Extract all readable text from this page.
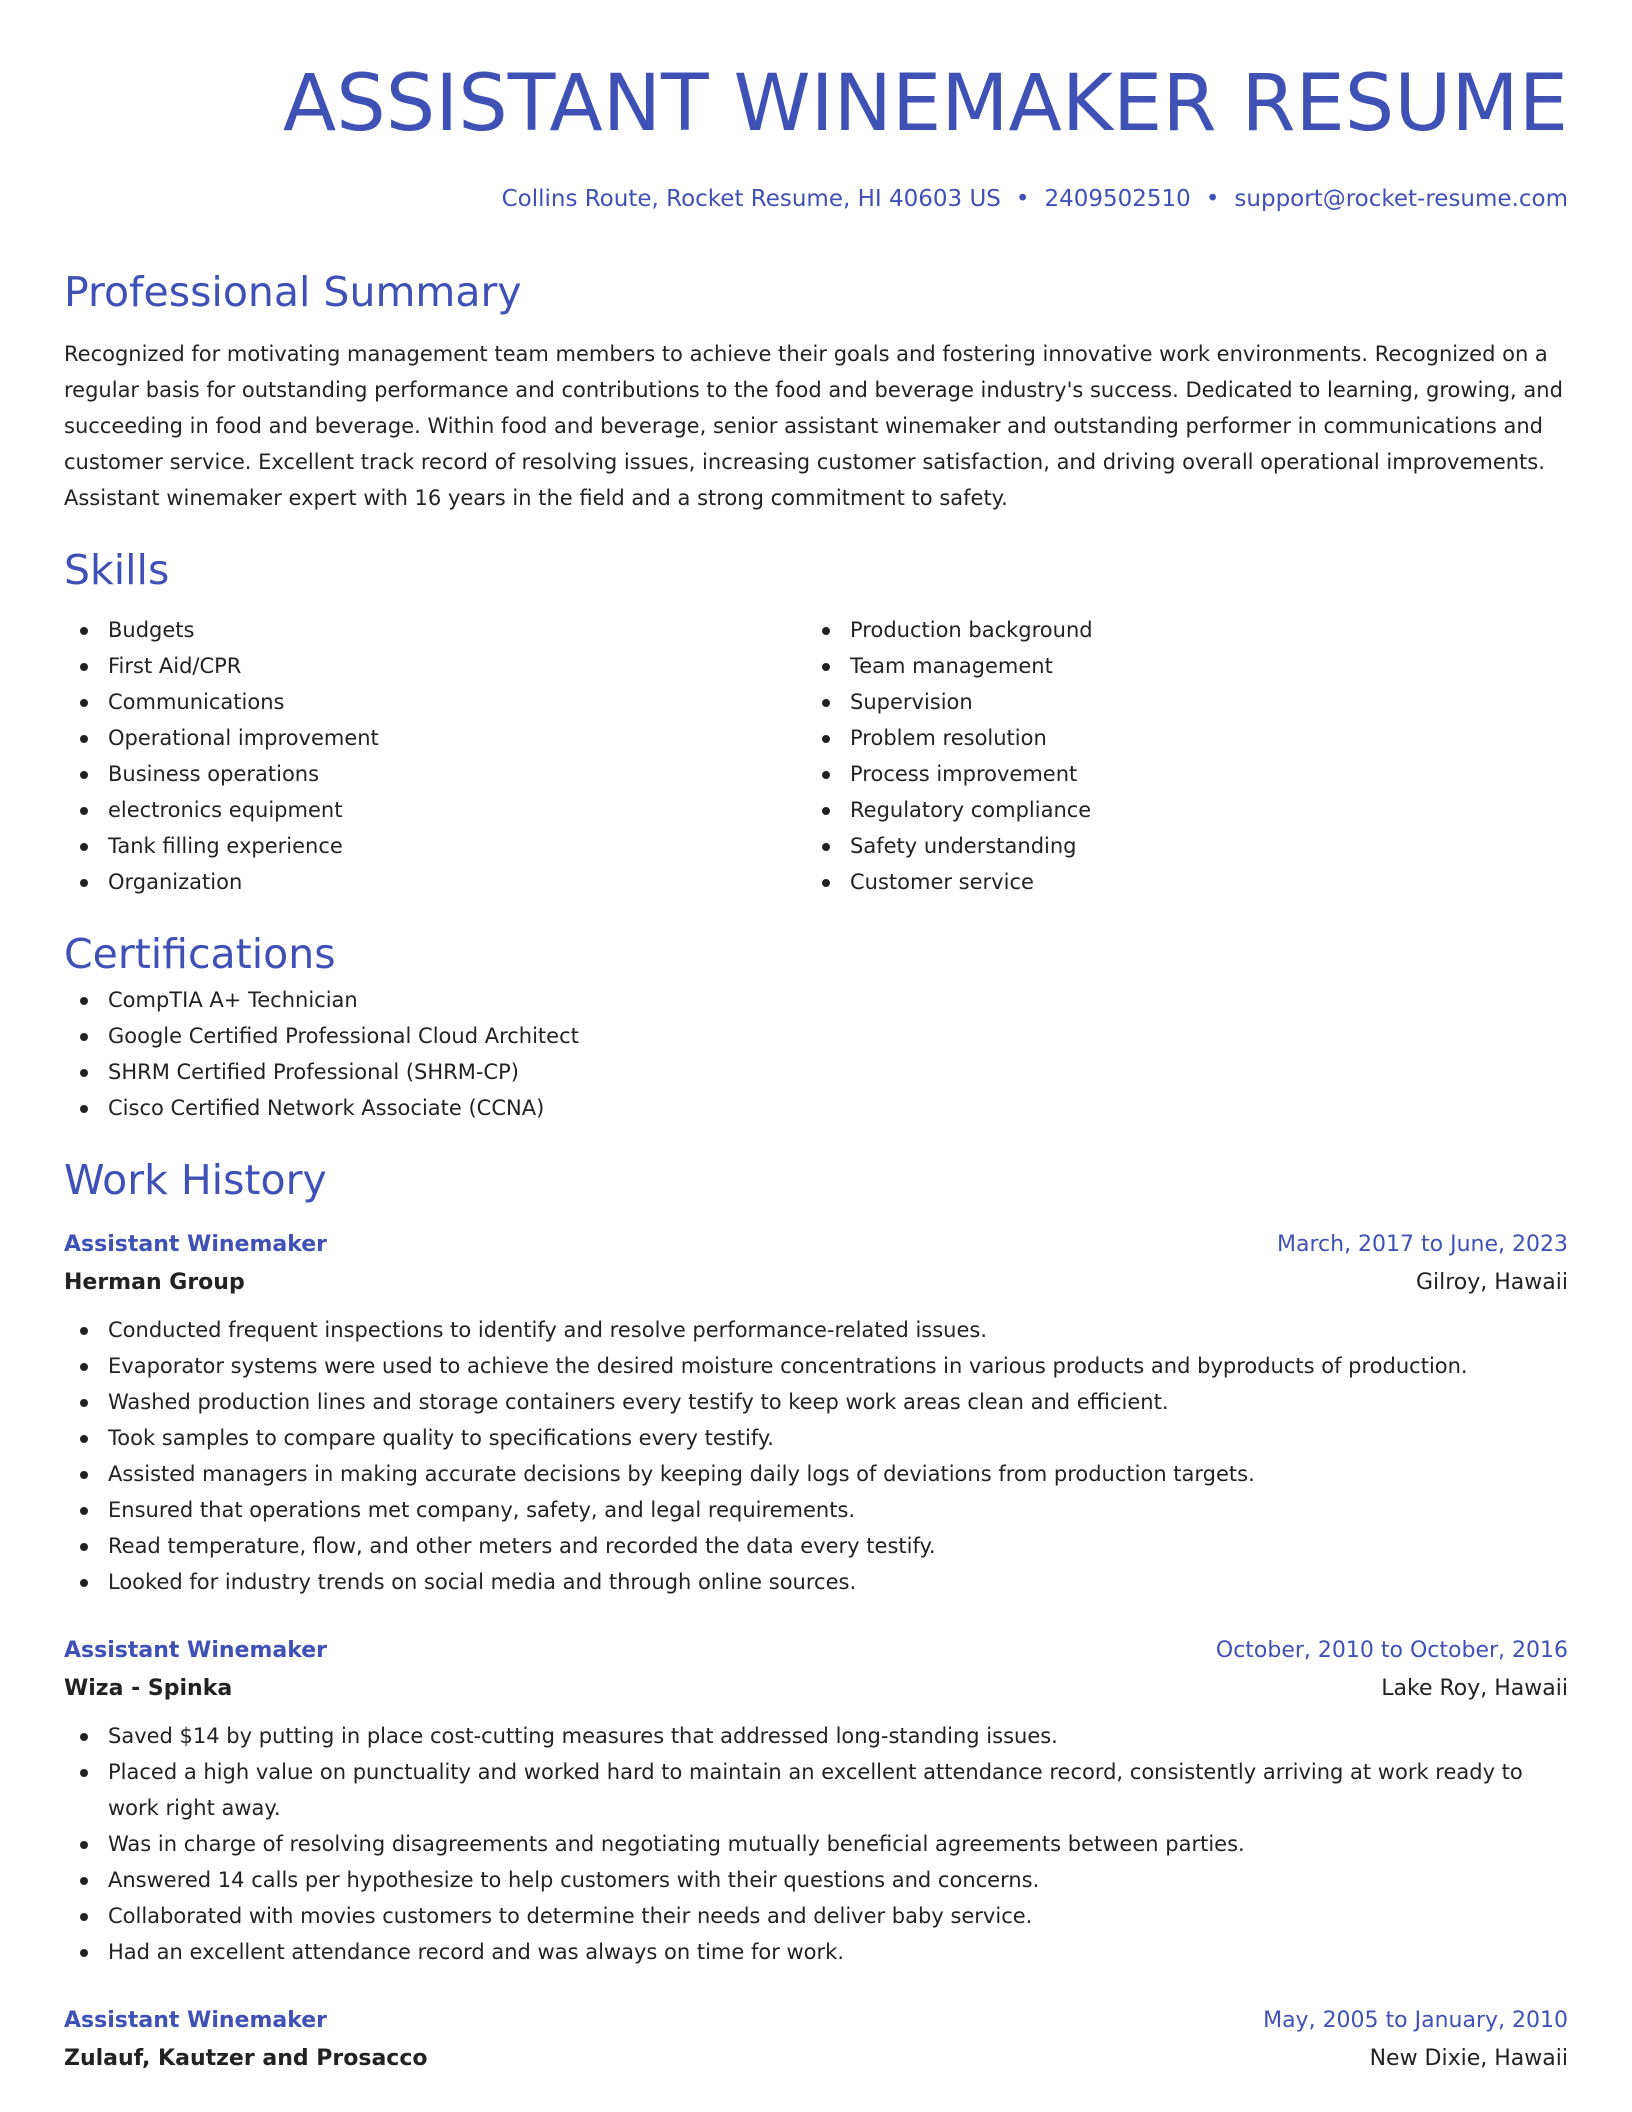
ASSISTANT WINEMAKER RESUME
Collins Route, Rocket Resume, HI 40603 US • 2409502510 • support@rocket-resume.com
Professional Summary
Recognized for motivating management team members to achieve their goals and fostering innovative work environments. Recognized on a regular basis for outstanding performance and contributions to the food and beverage industry's success. Dedicated to learning, growing, and succeeding in food and beverage. Within food and beverage, senior assistant winemaker and outstanding performer in communications and customer service. Excellent track record of resolving issues, increasing customer satisfaction, and driving overall operational improvements. Assistant winemaker expert with 16 years in the field and a strong commitment to safety.
Skills
Budgets
First Aid/CPR
Communications
Operational improvement
Business operations
electronics equipment
Tank filling experience
Organization
Production background
Team management
Supervision
Problem resolution
Process improvement
Regulatory compliance
Safety understanding
Customer service
Certifications
CompTIA A+ Technician
Google Certified Professional Cloud Architect
SHRM Certified Professional (SHRM-CP)
Cisco Certified Network Associate (CCNA)
Work History
Assistant Winemaker	March, 2017 to June, 2023
Herman Group	Gilroy, Hawaii
Conducted frequent inspections to identify and resolve performance-related issues.
Evaporator systems were used to achieve the desired moisture concentrations in various products and byproducts of production.
Washed production lines and storage containers every testify to keep work areas clean and efficient.
Took samples to compare quality to specifications every testify.
Assisted managers in making accurate decisions by keeping daily logs of deviations from production targets.
Ensured that operations met company, safety, and legal requirements.
Read temperature, flow, and other meters and recorded the data every testify.
Looked for industry trends on social media and through online sources.
Assistant Winemaker	October, 2010 to October, 2016
Wiza - Spinka	Lake Roy, Hawaii
Saved $14 by putting in place cost-cutting measures that addressed long-standing issues.
Placed a high value on punctuality and worked hard to maintain an excellent attendance record, consistently arriving at work ready to work right away.
Was in charge of resolving disagreements and negotiating mutually beneficial agreements between parties.
Answered 14 calls per hypothesize to help customers with their questions and concerns.
Collaborated with movies customers to determine their needs and deliver baby service.
Had an excellent attendance record and was always on time for work.
Assistant Winemaker	May, 2005 to January, 2010
Zulauf, Kautzer and Prosacco	New Dixie, Hawaii
